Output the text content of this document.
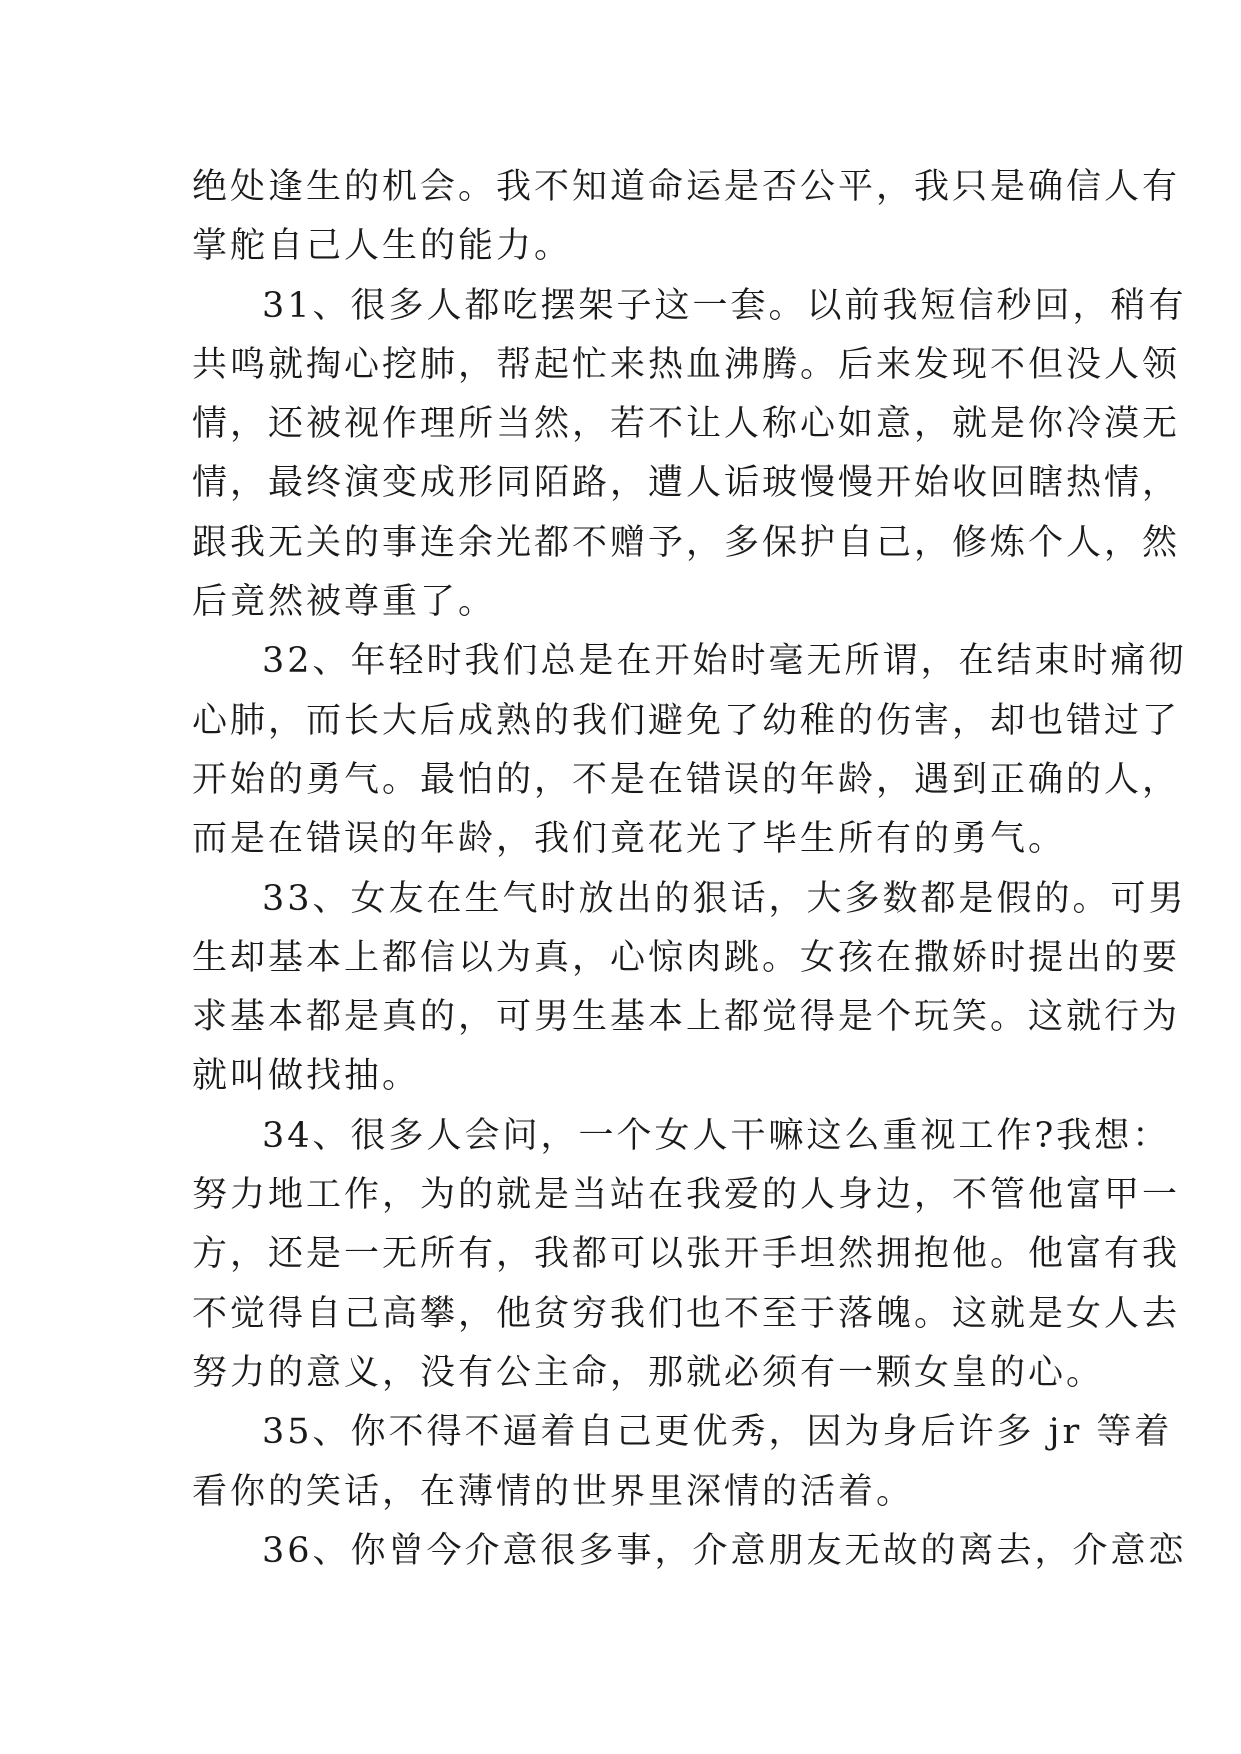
绝处逢生的机会。我不知道命运是否公平，我只是确信人有
掌舵自己人生的能力。
31、很多人都吃摆架子这一套。以前我短信秒回，稍有
共鸣就掏心挖肺，帮起忙来热血沸腾。后来发现不但没人领
情，还被视作理所当然，若不让人称心如意，就是你冷漠无
情，最终演变成形同陌路，遭人诟玻慢慢开始收回瞎热情，
跟我无关的事连余光都不赠予，多保护自己，修炼个人，然
后竟然被尊重了。
32、年轻时我们总是在开始时毫无所谓，在结束时痛彻
心肺，而长大后成熟的我们避免了幼稚的伤害，却也错过了
开始的勇气。最怕的，不是在错误的年龄，遇到正确的人，
而是在错误的年龄，我们竟花光了毕生所有的勇气。
33、女友在生气时放出的狠话，大多数都是假的。可男
生却基本上都信以为真，心惊肉跳。女孩在撒娇时提出的要
求基本都是真的，可男生基本上都觉得是个玩笑。这就行为
就叫做找抽。
34、很多人会问，一个女人干嘛这么重视工作?我想：
努力地工作，为的就是当站在我爱的人身边，不管他富甲一
方，还是一无所有，我都可以张开手坦然拥抱他。他富有我
不觉得自己高攀，他贫穷我们也不至于落魄。这就是女人去
努力的意义，没有公主命，那就必须有一颗女皇的心。
35、你不得不逼着自己更优秀，因为身后许多 jr 等着
看你的笑话，在薄情的世界里深情的活着。
36、你曾今介意很多事，介意朋友无故的离去，介意恋
